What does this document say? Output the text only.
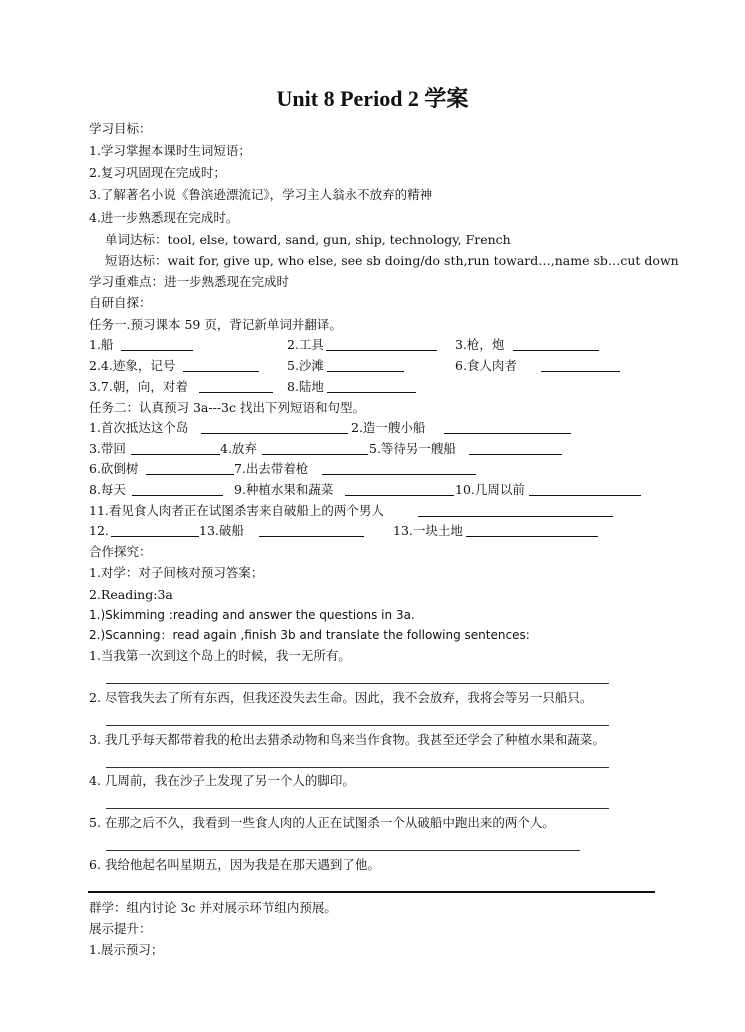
Unit 8 Period 2 学案
学习目标：
1.学习掌握本课时生词短语；
2.复习巩固现在完成时；
3.了解著名小说《鲁滨逊漂流记》，学习主人翁永不放弃的精神
4.进一步熟悉现在完成时。
单词达标：tool, else, toward, sand, gun, ship, technology, French
短语达标：wait for, give up, who else, see sb doing/do sth,run toward…,name sb…cut down
学习重难点：进一步熟悉现在完成时
自研自探：
任务一.预习课本 59 页，背记新单词并翻译。
1.船	2.工具	3.枪，炮
2.4.迹象，记号	5.沙滩	6.食人肉者
3.7.朝，向，对着	8.陆地
任务二：认真预习 3a---3c 找出下列短语和句型。
1.首次抵达这个岛	2.造一艘小船
3.带回	4.放弃	5.等待另一艘船
6.砍倒树	7.出去带着枪
8.每天	9.种植水果和蔬菜	10.几周以前
11.看见食人肉者正在试图杀害来自破船上的两个男人
12.	13.破船	13.一块土地
合作探究：
1.对学：对子间核对预习答案；
2.Reading:3a
1.)Skimming :reading and answer the questions in 3a.
2.)Scanning：read again ,finish 3b and translate the following sentences:
1.当我第一次到这个岛上的时候，我一无所有。
2. 尽管我失去了所有东西，但我还没失去生命。因此，我不会放弃，我将会等另一只船只。
3. 我几乎每天都带着我的枪出去猎杀动物和鸟来当作食物。我甚至还学会了种植水果和蔬菜。
4. 几周前，我在沙子上发现了另一个人的脚印。
5. 在那之后不久，我看到一些食人肉的人正在试图杀一个从破船中跑出来的两个人。
6. 我给他起名叫星期五，因为我是在那天遇到了他。
群学：组内讨论 3c 并对展示环节组内预展。
展示提升：
1.展示预习；
